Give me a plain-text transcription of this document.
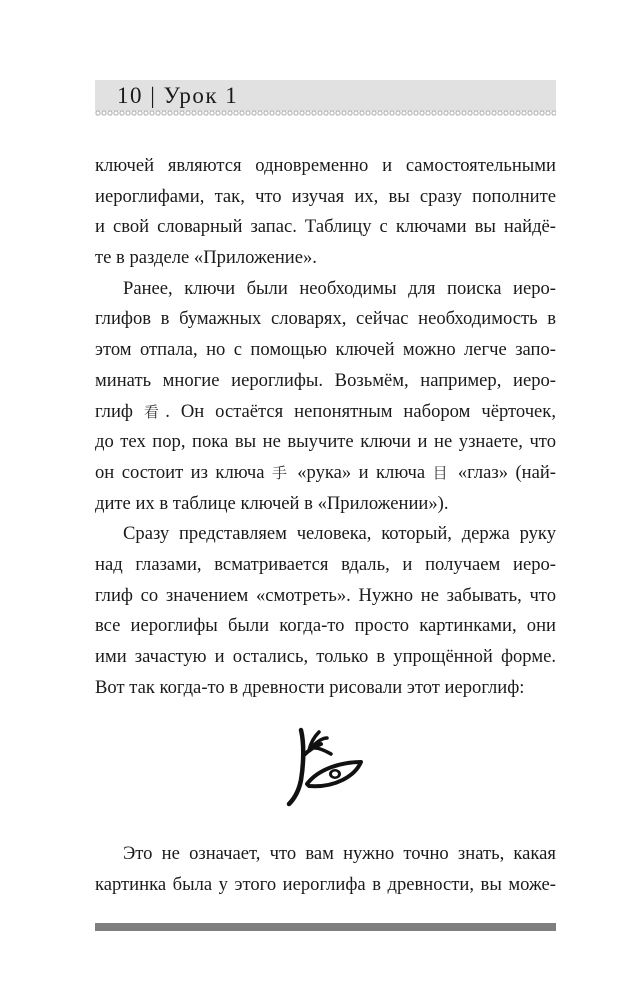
10 | Урок 1
ключей являются одновременно и самостоятельными
иероглифами, так, что изучая их, вы сразу пополните
и свой словарный запас. Таблицу с ключами вы найдё-
те в разделе «Приложение».
Ранее, ключи были необходимы для поиска иеро-
глифов в бумажных словарях, сейчас необходимость в
этом отпала, но с помощью ключей можно легче запо-
минать многие иероглифы. Возьмём, например, иеро-
глиф 看. Он остаётся непонятным набором чёрточек,
до тех пор, пока вы не выучите ключи и не узнаете, что
он состоит из ключа 手 «рука» и ключа 目 «глаз» (най-
дите их в таблице ключей в «Приложении»).
Сразу представляем человека, который, держа руку
над глазами, всматривается вдаль, и получаем иеро-
глиф со значением «смотреть». Нужно не забывать, что
все иероглифы были когда-то просто картинками, они
ими зачастую и остались, только в упрощённой форме.
Вот так когда-то в древности рисовали этот иероглиф:
Это не означает, что вам нужно точно знать, какая
картинка была у этого иероглифа в древности, вы може-
